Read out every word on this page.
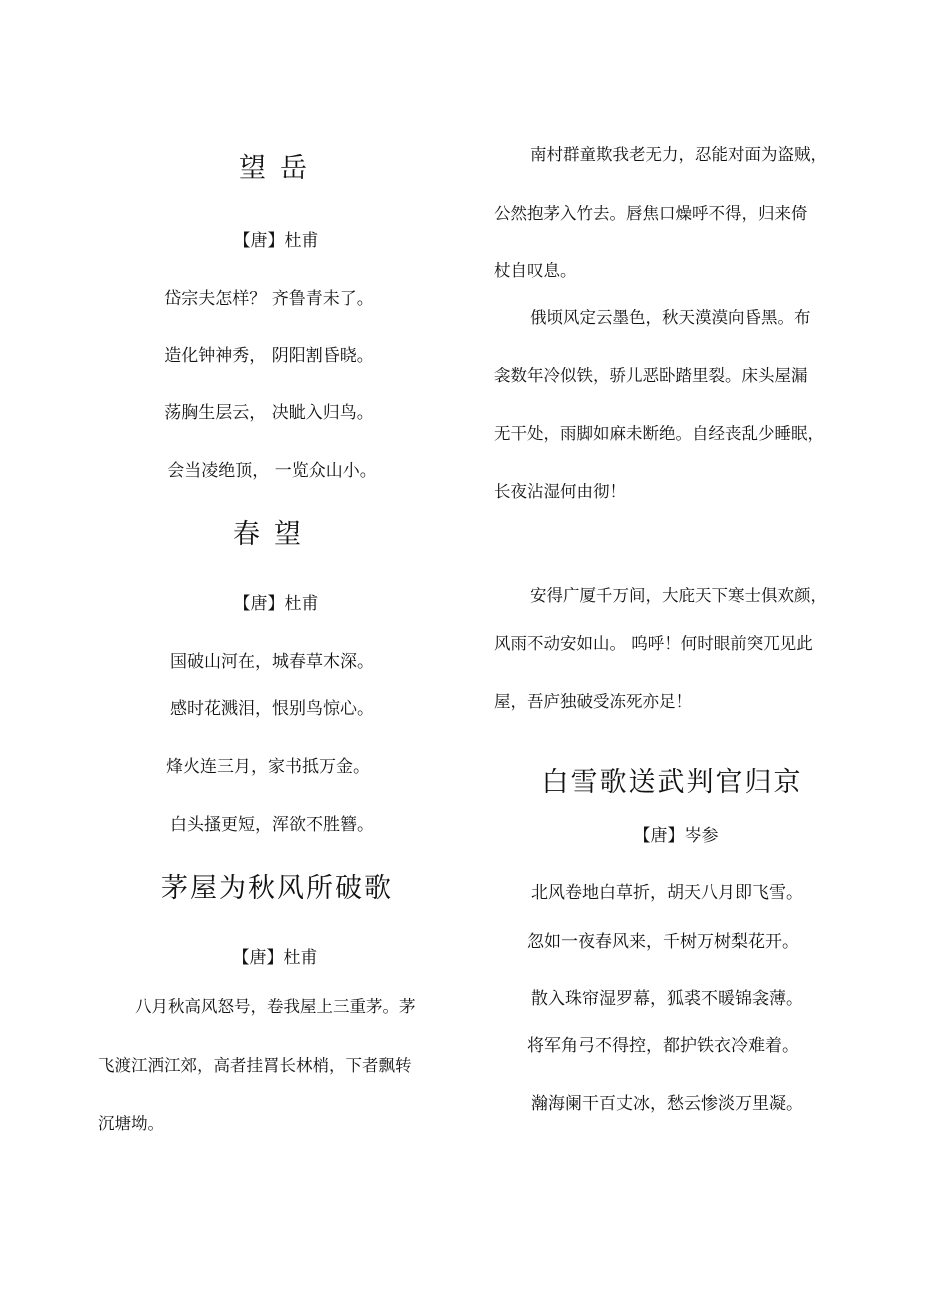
望岳
【唐】杜甫
岱宗夫怎样？ 齐鲁青未了。
造化钟神秀， 阴阳割昏晓。
荡胸生层云， 决眦入归鸟。
会当凌绝顶， 一览众山小。
春望
【唐】杜甫
国破山河在，城春草木深。
感时花溅泪，恨别鸟惊心。
烽火连三月，家书抵万金。
白头搔更短，浑欲不胜簪。
茅屋为秋风所破歌
【唐】杜甫
八月秋高风怒号，卷我屋上三重茅。茅
飞渡江洒江郊，高者挂罥长林梢，下者飘转
沉塘坳。
南村群童欺我老无力，忍能对面为盗贼，
公然抱茅入竹去。唇焦口燥呼不得，归来倚
杖自叹息。
俄顷风定云墨色，秋天漠漠向昏黑。布
衾数年冷似铁，骄儿恶卧踏里裂。床头屋漏
无干处，雨脚如麻未断绝。自经丧乱少睡眠，
长夜沾湿何由彻！
安得广厦千万间，大庇天下寒士俱欢颜，
风雨不动安如山。 呜呼！何时眼前突兀见此
屋，吾庐独破受冻死亦足！
白雪歌送武判官归京
【唐】岑参
北风卷地白草折，胡天八月即飞雪。
忽如一夜春风来，千树万树梨花开。
散入珠帘湿罗幕，狐裘不暖锦衾薄。
将军角弓不得控，都护铁衣冷难着。
瀚海阑干百丈冰，愁云惨淡万里凝。
